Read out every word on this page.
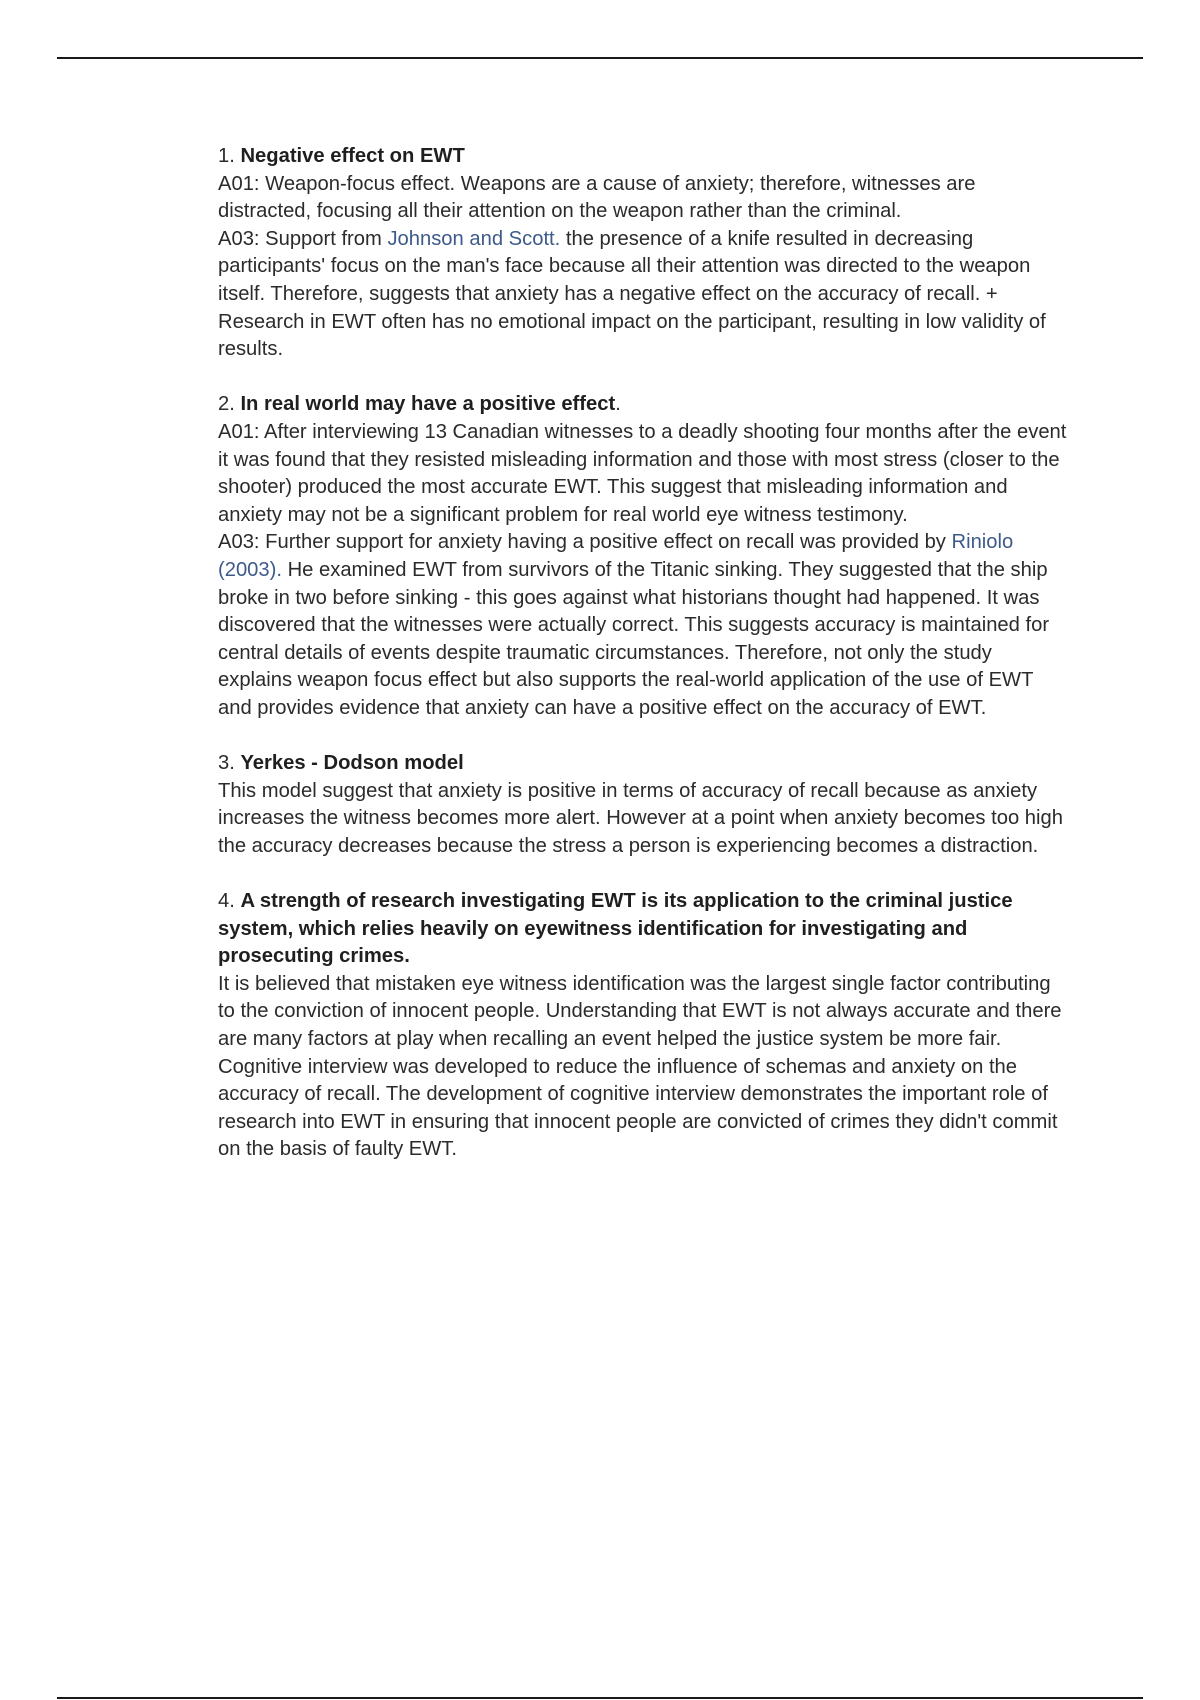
1. Negative effect on EWT

A01: Weapon-focus effect. Weapons are a cause of anxiety; therefore, witnesses are distracted, focusing all their attention on the weapon rather than the criminal.

A03: Support from Johnson and Scott. the presence of a knife resulted in decreasing participants' focus on the man's face because all their attention was directed to the weapon itself. Therefore, suggests that anxiety has a negative effect on the accuracy of recall. + Research in EWT often has no emotional impact on the participant, resulting in low validity of results.

2. In real world may have a positive effect.

A01: After interviewing 13 Canadian witnesses to a deadly shooting four months after the event it was found that they resisted misleading information and those with most stress (closer to the shooter) produced the most accurate EWT. This suggest that misleading information and anxiety may not be a significant problem for real world eye witness testimony.

A03: Further support for anxiety having a positive effect on recall was provided by Riniolo (2003). He examined EWT from survivors of the Titanic sinking. They suggested that the ship broke in two before sinking - this goes against what historians thought had happened. It was discovered that the witnesses were actually correct. This suggests accuracy is maintained for central details of events despite traumatic circumstances. Therefore, not only the study explains weapon focus effect but also supports the real-world application of the use of EWT and provides evidence that anxiety can have a positive effect on the accuracy of EWT.

3. Yerkes - Dodson model

This model suggest that anxiety is positive in terms of accuracy of recall because as anxiety increases the witness becomes more alert. However at a point when anxiety becomes too high the accuracy decreases because the stress a person is experiencing becomes a distraction.

4. A strength of research investigating EWT is its application to the criminal justice system, which relies heavily on eyewitness identification for investigating and prosecuting crimes.

It is believed that mistaken eye witness identification was the largest single factor contributing to the conviction of innocent people. Understanding that EWT is not always accurate and there are many factors at play when recalling an event helped the justice system be more fair. Cognitive interview was developed to reduce the influence of schemas and anxiety on the accuracy of recall. The development of cognitive interview demonstrates the important role of research into EWT in ensuring that innocent people are convicted of crimes they didn't commit on the basis of faulty EWT.
